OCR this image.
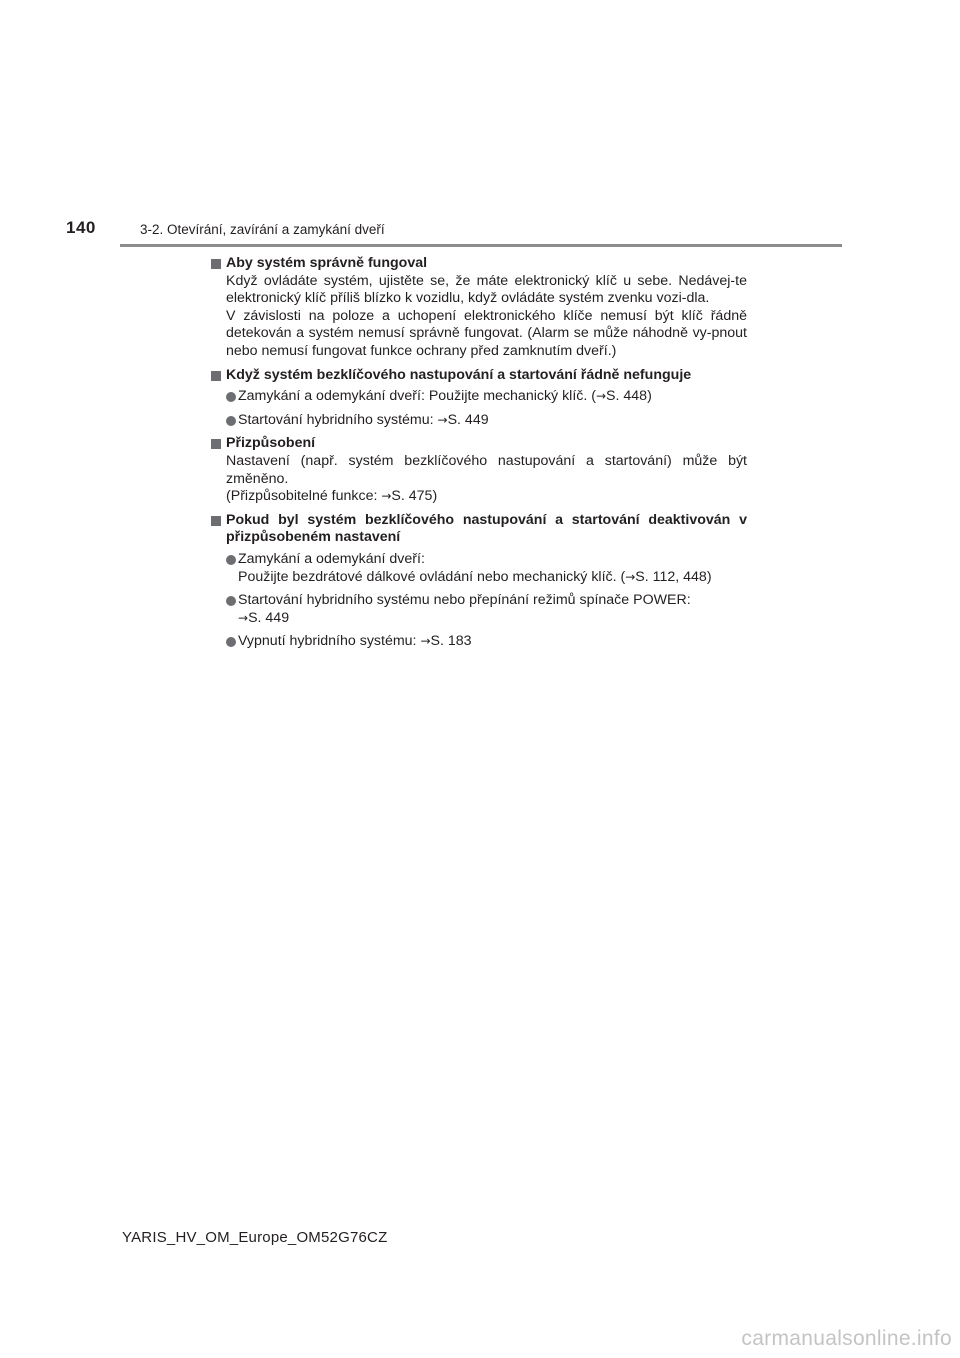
140	3-2. Otevírání, zavírání a zamykání dveří
Aby systém správně fungoval
Když ovládáte systém, ujistěte se, že máte elektronický klíč u sebe. Nedávej-te elektronický klíč příliš blízko k vozidlu, když ovládáte systém zvenku vozi-dla.
V závislosti na poloze a uchopení elektronického klíče nemusí být klíč řádně detekován a systém nemusí správně fungovat. (Alarm se může náhodně vy-pnout nebo nemusí fungovat funkce ochrany před zamknutím dveří.)
Když systém bezklíčového nastupování a startování řádně nefunguje
Zamykání a odemykání dveří: Použijte mechanický klíč. (→S. 448)
Startování hybridního systému: →S. 449
Přizpůsobení
Nastavení (např. systém bezklíčového nastupování a startování) může být změněno.
(Přizpůsobitelné funkce: →S. 475)
Pokud byl systém bezklíčového nastupování a startování deaktivován v přizpůsobeném nastavení
Zamykání a odemykání dveří:
Použijte bezdrátové dálkové ovládání nebo mechanický klíč. (→S. 112, 448)
Startování hybridního systému nebo přepínání režimů spínače POWER:
→S. 449
Vypnutí hybridního systému: →S. 183
YARIS_HV_OM_Europe_OM52G76CZ
carmanualsonline.info
